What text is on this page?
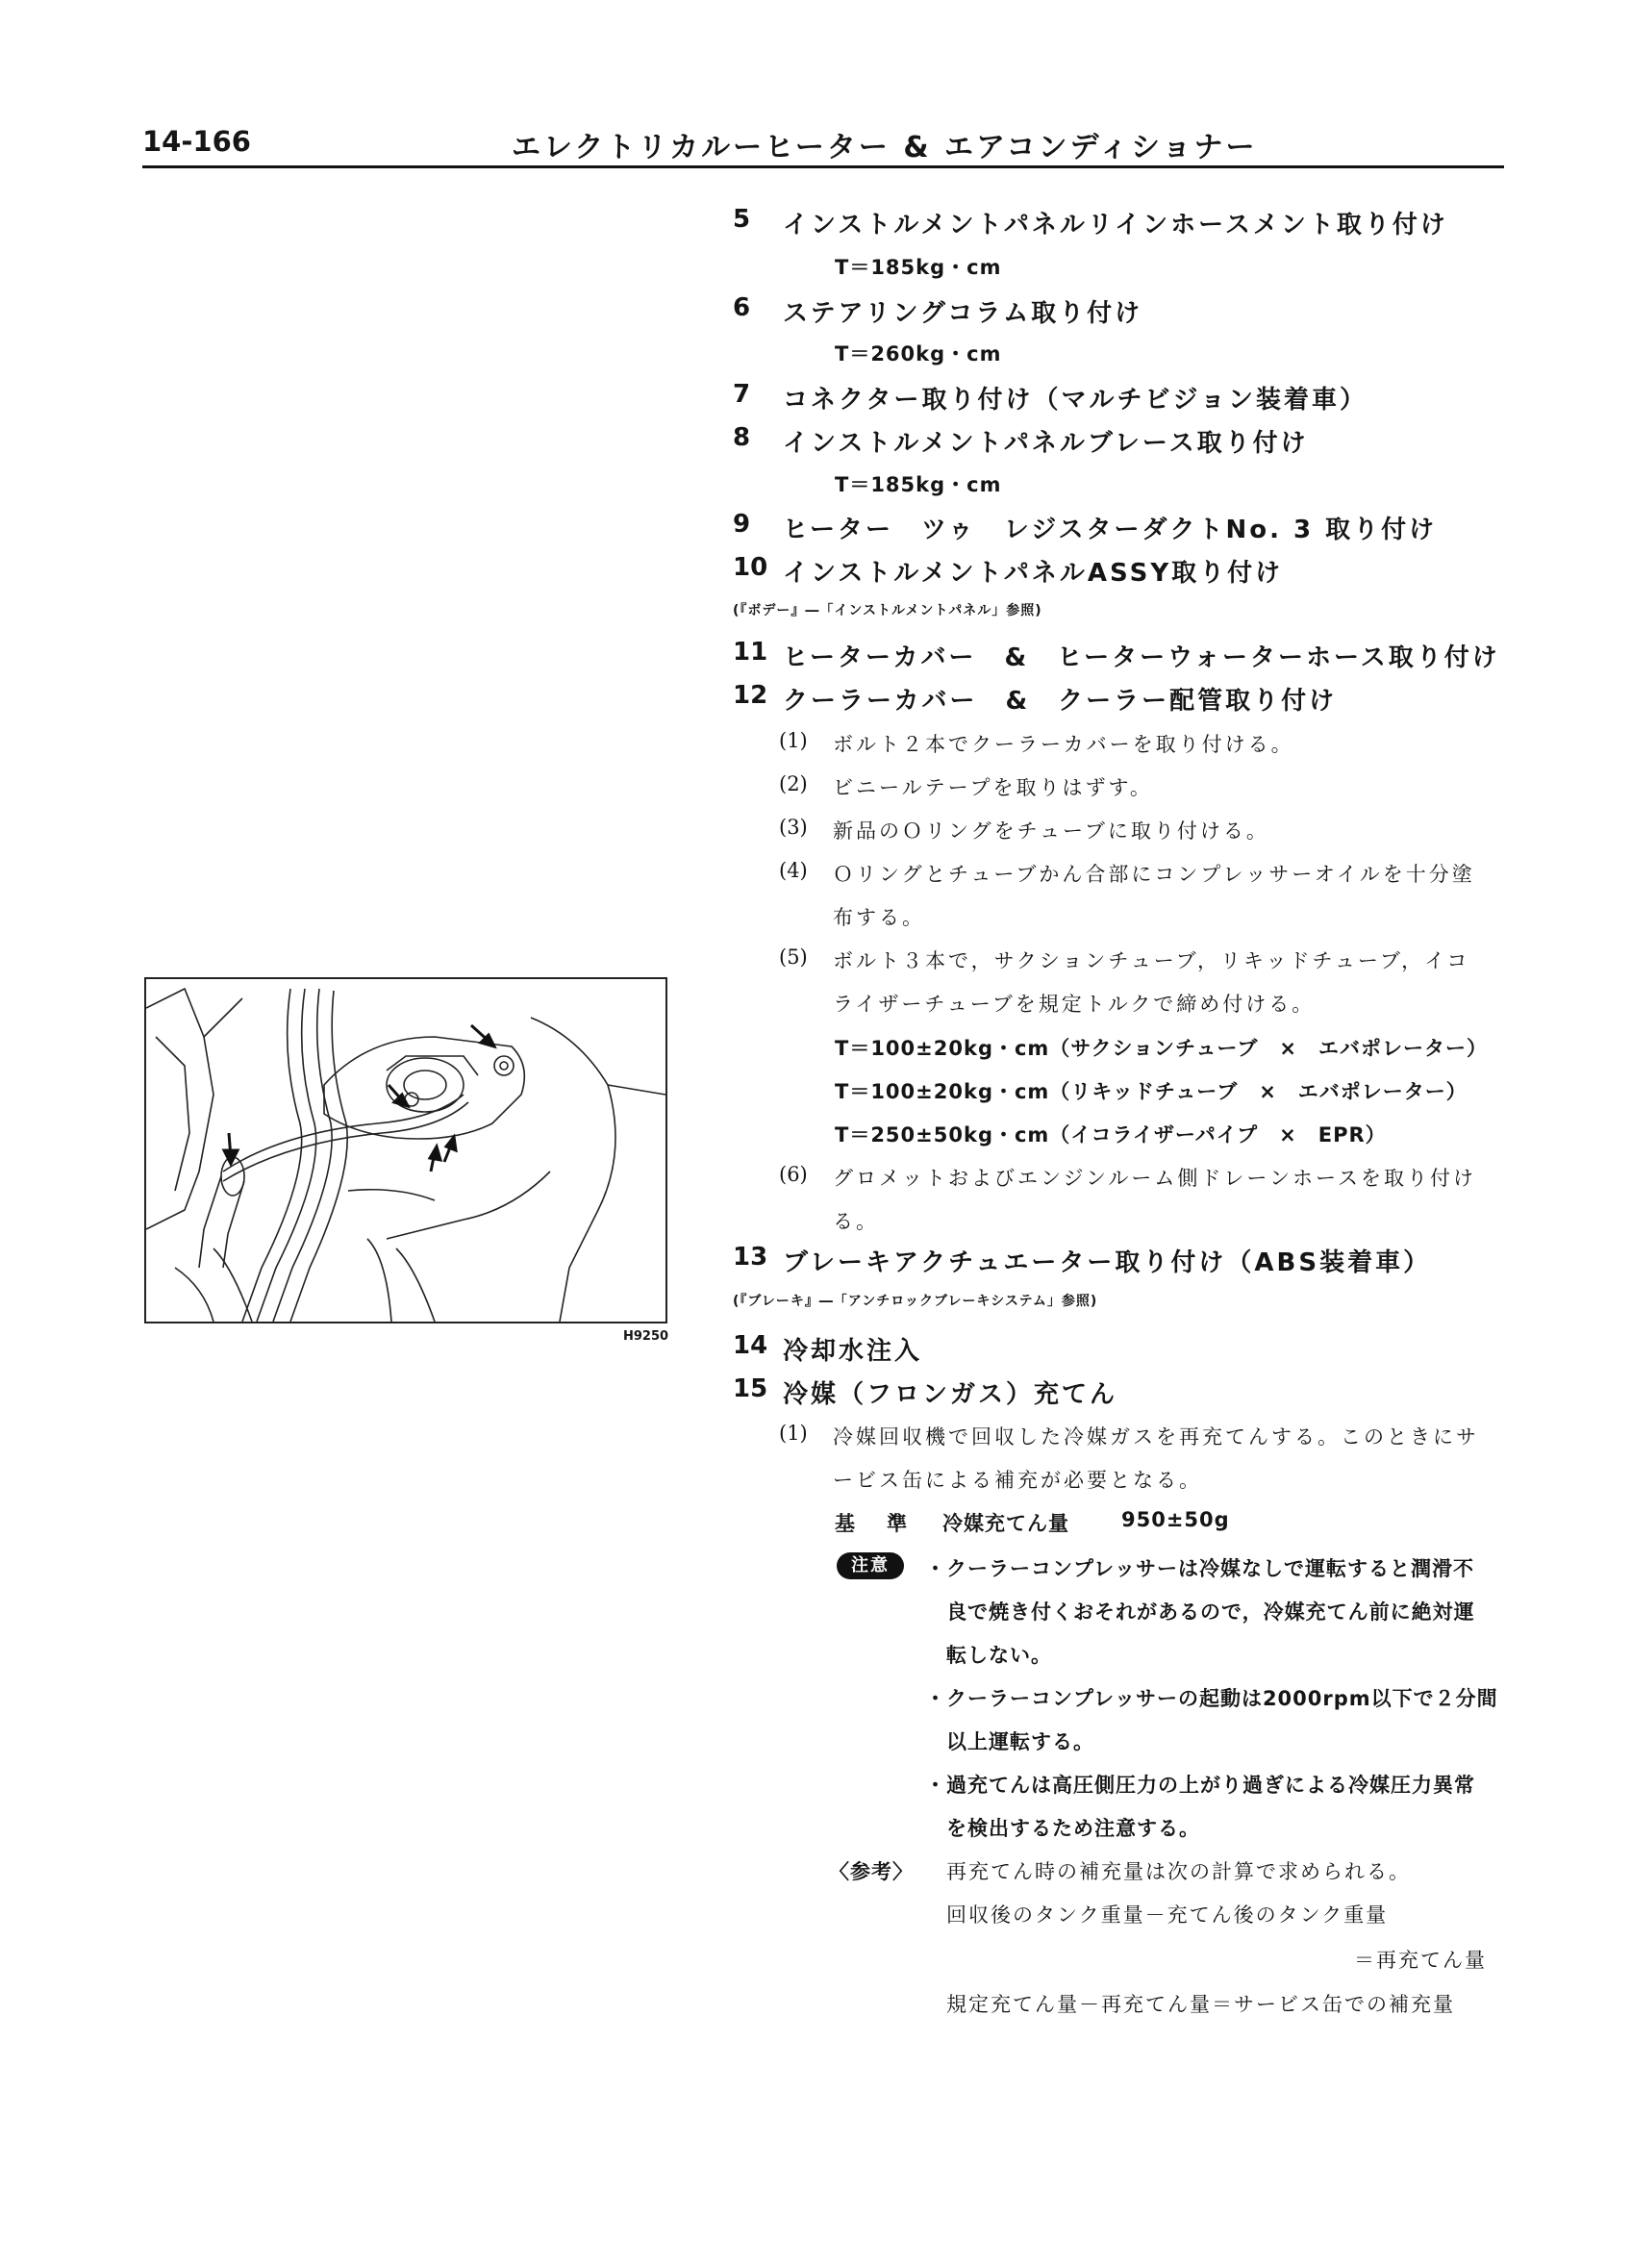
14-166	エレクトリカルーヒーター & エアコンディショナー
H9250
5 インストルメントパネルリインホースメント取り付け
T＝185kg・cm
6 ステアリングコラム取り付け
T＝260kg・cm
7 コネクター取り付け（マルチビジョン装着車）
8 インストルメントパネルブレース取り付け
T＝185kg・cm
9 ヒーター　ツゥ　レジスターダクトNo. 3 取り付け
10 インストルメントパネルASSY取り付け
(『ボデー』―「インストルメントパネル」参照)
11 ヒーターカバー　&　ヒーターウォーターホース取り付け
12 クーラーカバー　&　クーラー配管取り付け
(1) ボルト２本でクーラーカバーを取り付ける。
(2) ビニールテープを取りはずす。
(3) 新品のＯリングをチューブに取り付ける。
(4) Ｏリングとチューブかん合部にコンプレッサーオイルを十分塗
布する。
(5) ボルト３本で，サクションチューブ，リキッドチューブ，イコ
ライザーチューブを規定トルクで締め付ける。
T＝100±20kg・cm（サクションチューブ　×　エバポレーター）
T＝100±20kg・cm（リキッドチューブ　×　エバポレーター）
T＝250±50kg・cm（イコライザーパイプ　×　EPR）
(6) グロメットおよびエンジンルーム側ドレーンホースを取り付け
る。
13 ブレーキアクチュエーター取り付け（ABS装着車）
(『ブレーキ』―「アンチロックブレーキシステム」参照)
14 冷却水注入
15 冷媒（フロンガス）充てん
(1) 冷媒回収機で回収した冷媒ガスを再充てんする。このときにサ
ービス缶による補充が必要となる。
基　準 冷媒充てん量	950±50g
注意	・クーラーコンプレッサーは冷媒なしで運転すると潤滑不
良で焼き付くおそれがあるので，冷媒充てん前に絶対運
転しない。
・クーラーコンプレッサーの起動は2000rpm以下で２分間
以上運転する。
・過充てんは高圧側圧力の上がり過ぎによる冷媒圧力異常
を検出するため注意する。
〈参考〉 再充てん時の補充量は次の計算で求められる。
回収後のタンク重量－充てん後のタンク重量
＝再充てん量
規定充てん量－再充てん量＝サービス缶での補充量
